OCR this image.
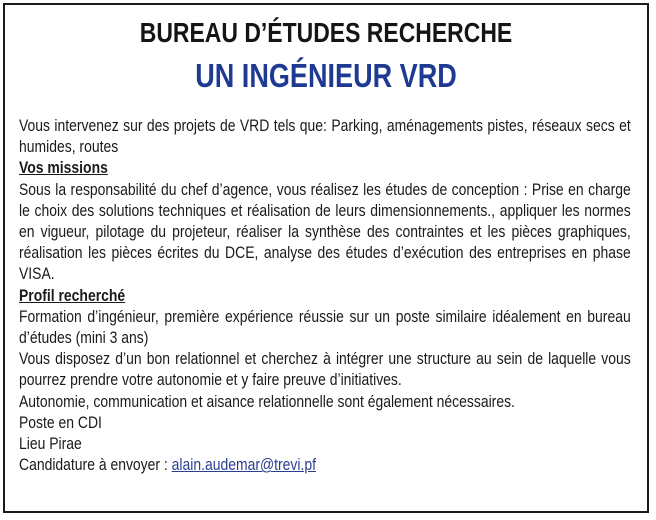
BUREAU D’ÉTUDES RECHERCHE
UN INGÉNIEUR VRD

Vous intervenez sur des projets de VRD tels que: Parking, aménagements pistes, réseaux secs et humides, routes

Vos missions

Sous la responsabilité du chef d’agence, vous réalisez les études de conception : Prise en charge le choix des solutions techniques et réalisation de leurs dimensionnements., appliquer les normes en vigueur, pilotage du projeteur, réaliser la synthèse des contraintes et les pièces graphiques, réalisation les pièces écrites du DCE, analyse des études d’exécution des entreprises en phase VISA.

Profil recherché

Formation d’ingénieur, première expérience réussie sur un poste similaire idéalement en bureau d’études (mini 3 ans)

Vous disposez d’un bon relationnel et cherchez à intégrer une structure au sein de laquelle vous pourrez prendre votre autonomie et y faire preuve d’initiatives.

Autonomie, communication et aisance relationnelle sont également nécessaires.

Poste en CDI

Lieu Pirae

Candidature à envoyer : alain.audemar@trevi.pf
